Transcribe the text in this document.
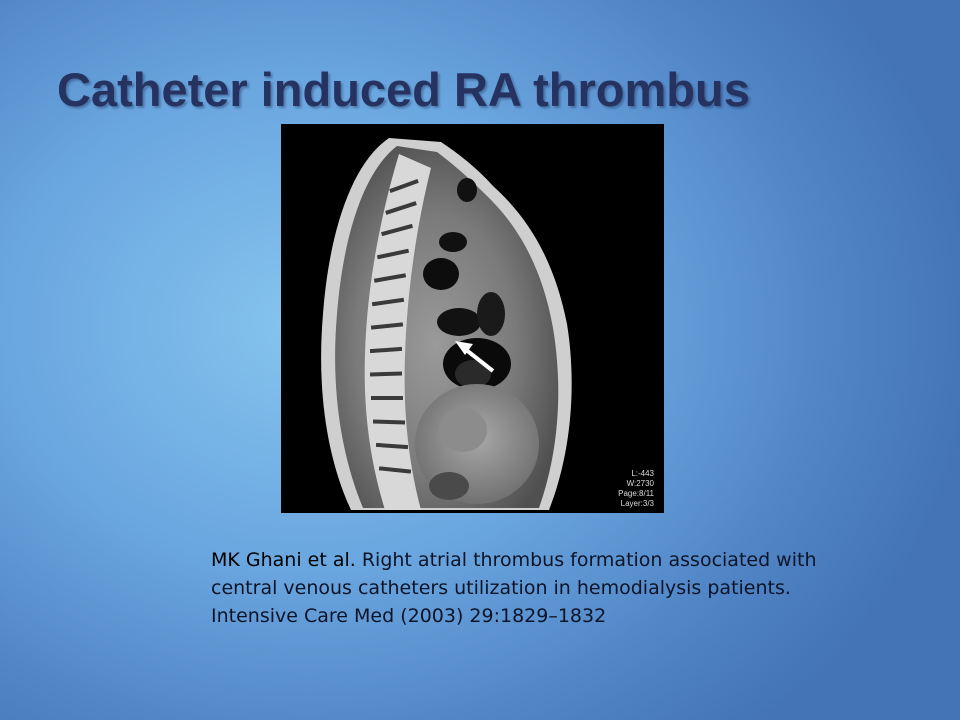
Catheter induced RA thrombus
L:-443
W:2730
Page:8/11
Layer:3/3

MK Ghani et al. Right atrial thrombus formation associated with central venous catheters utilization in hemodialysis patients. Intensive Care Med (2003) 29:1829–1832
